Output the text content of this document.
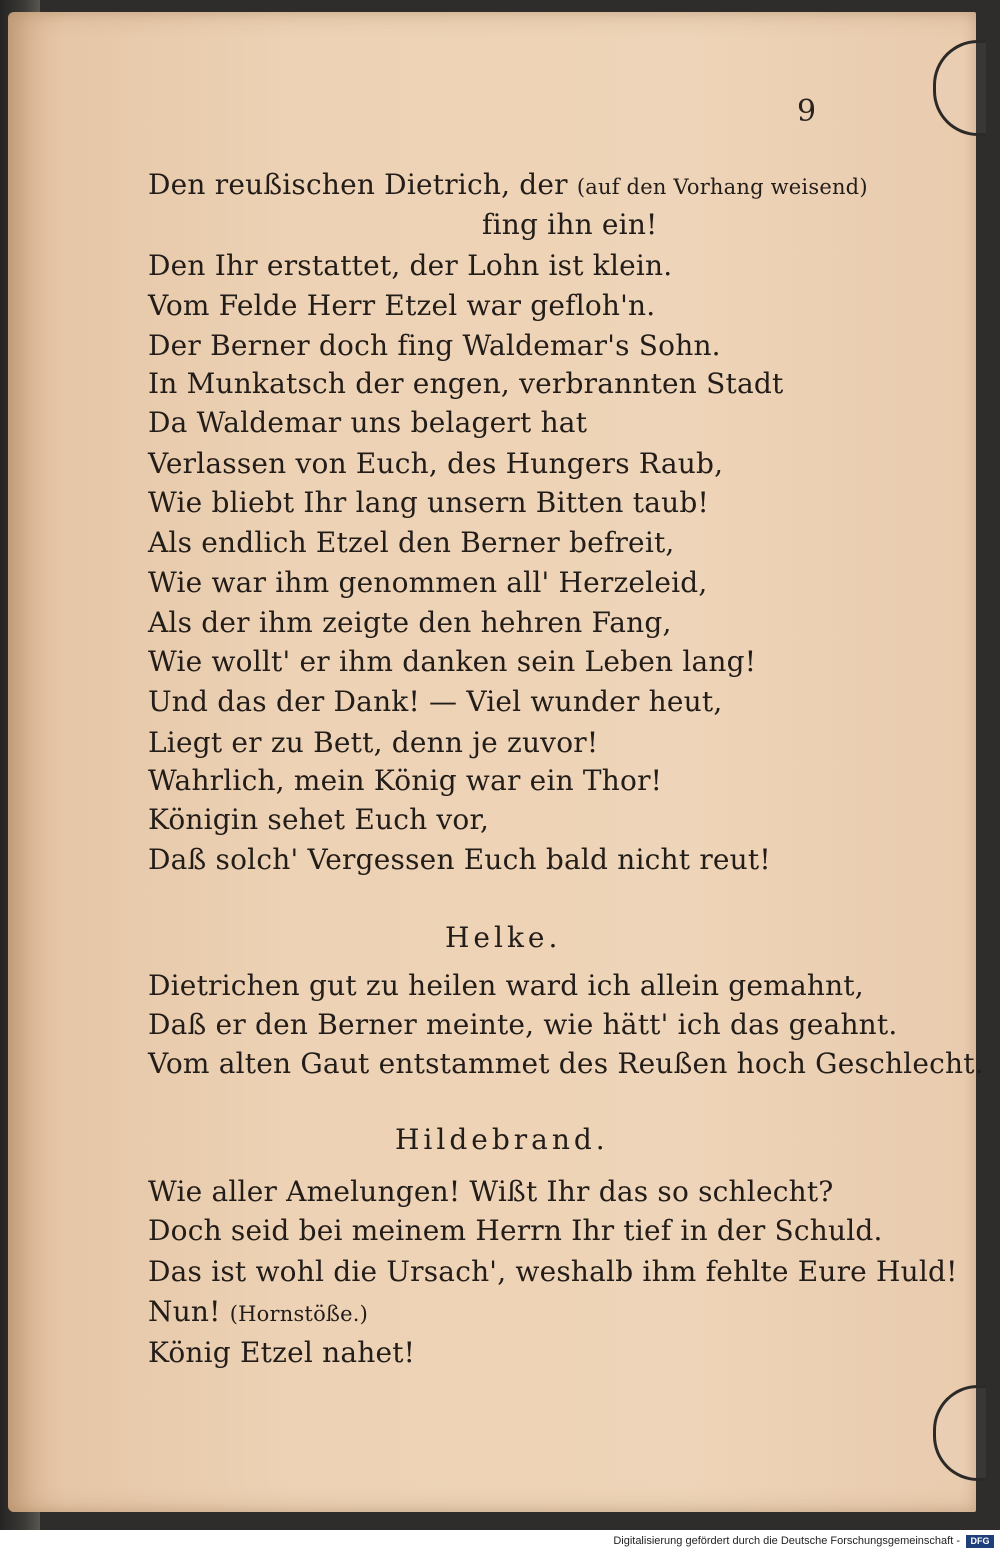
9
Den reußischen Dietrich, der (auf den Vorhang weisend)
fing ihn ein!
Den Ihr erstattet, der Lohn ist klein.
Vom Felde Herr Etzel war gefloh'n.
Der Berner doch fing Waldemar's Sohn.
In Munkatsch der engen, verbrannten Stadt
Da Waldemar uns belagert hat
Verlassen von Euch, des Hungers Raub,
Wie bliebt Ihr lang unsern Bitten taub!
Als endlich Etzel den Berner befreit,
Wie war ihm genommen all' Herzeleid,
Als der ihm zeigte den hehren Fang,
Wie wollt' er ihm danken sein Leben lang!
Und das der Dank! — Viel wunder heut,
Liegt er zu Bett, denn je zuvor!
Wahrlich, mein König war ein Thor!
Königin sehet Euch vor,
Daß solch' Vergessen Euch bald nicht reut!
Helke.
Dietrichen gut zu heilen ward ich allein gemahnt,
Daß er den Berner meinte, wie hätt' ich das geahnt.
Vom alten Gaut entstammet des Reußen hoch Geschlecht.
Hildebrand.
Wie aller Amelungen! Wißt Ihr das so schlecht?
Doch seid bei meinem Herrn Ihr tief in der Schuld.
Das ist wohl die Ursach', weshalb ihm fehlte Eure Huld!
Nun! (Hornstöße.)
König Etzel nahet!
Digitalisierung gefördert durch die Deutsche Forschungsgemeinschaft -	DFG
